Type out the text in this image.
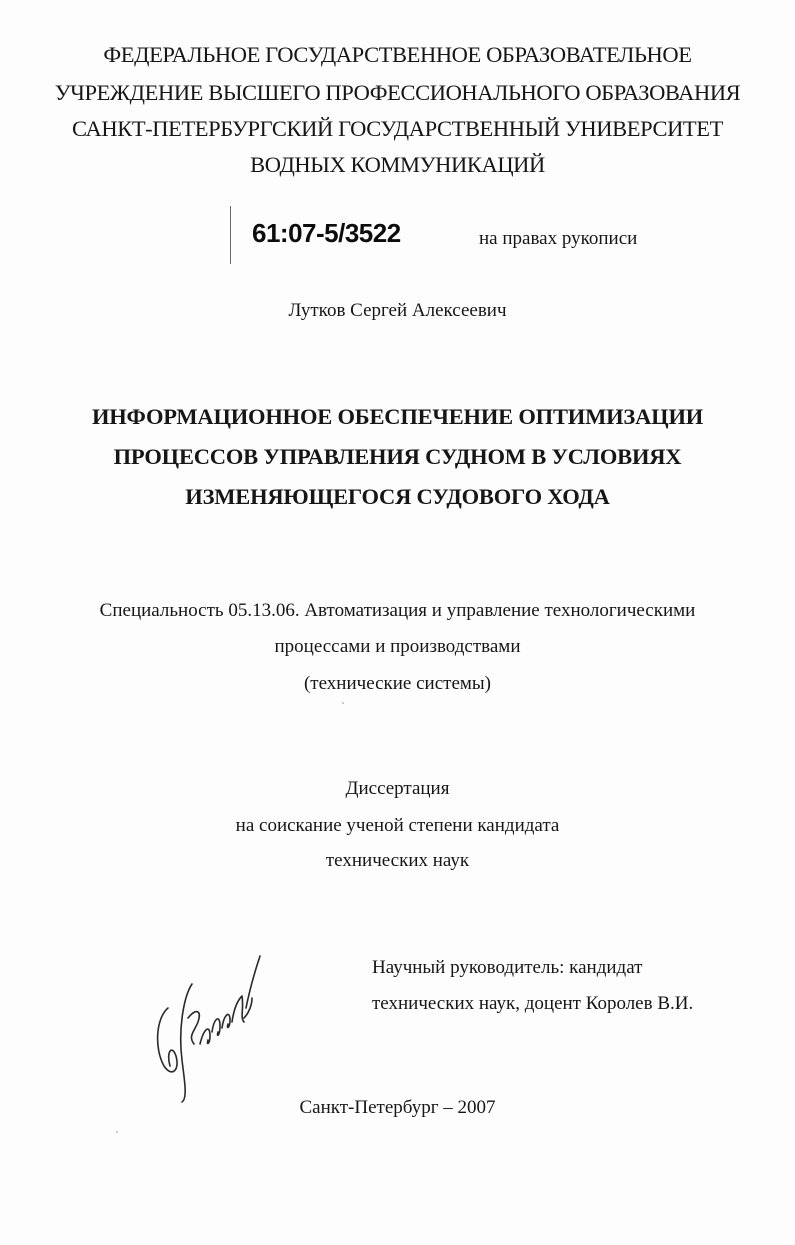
ФЕДЕРАЛЬНОЕ ГОСУДАРСТВЕННОЕ ОБРАЗОВАТЕЛЬНОЕ
УЧРЕЖДЕНИЕ ВЫСШЕГО ПРОФЕССИОНАЛЬНОГО ОБРАЗОВАНИЯ
САНКТ-ПЕТЕРБУРГСКИЙ ГОСУДАРСТВЕННЫЙ УНИВЕРСИТЕТ
ВОДНЫХ КОММУНИКАЦИЙ
61:07-5/3522	на правах рукописи
Лутков Сергей Алексеевич
ИНФОРМАЦИОННОЕ ОБЕСПЕЧЕНИЕ ОПТИМИЗАЦИИ
ПРОЦЕССОВ УПРАВЛЕНИЯ СУДНОМ В УСЛОВИЯХ
ИЗМЕНЯЮЩЕГОСЯ СУДОВОГО ХОДА
Специальность 05.13.06. Автоматизация и управление технологическими
процессами и производствами
(технические системы)
Диссертация
на соискание ученой степени кандидата
технических наук
Научный руководитель: кандидат
технических наук, доцент Королев В.И.
Санкт-Петербург – 2007
